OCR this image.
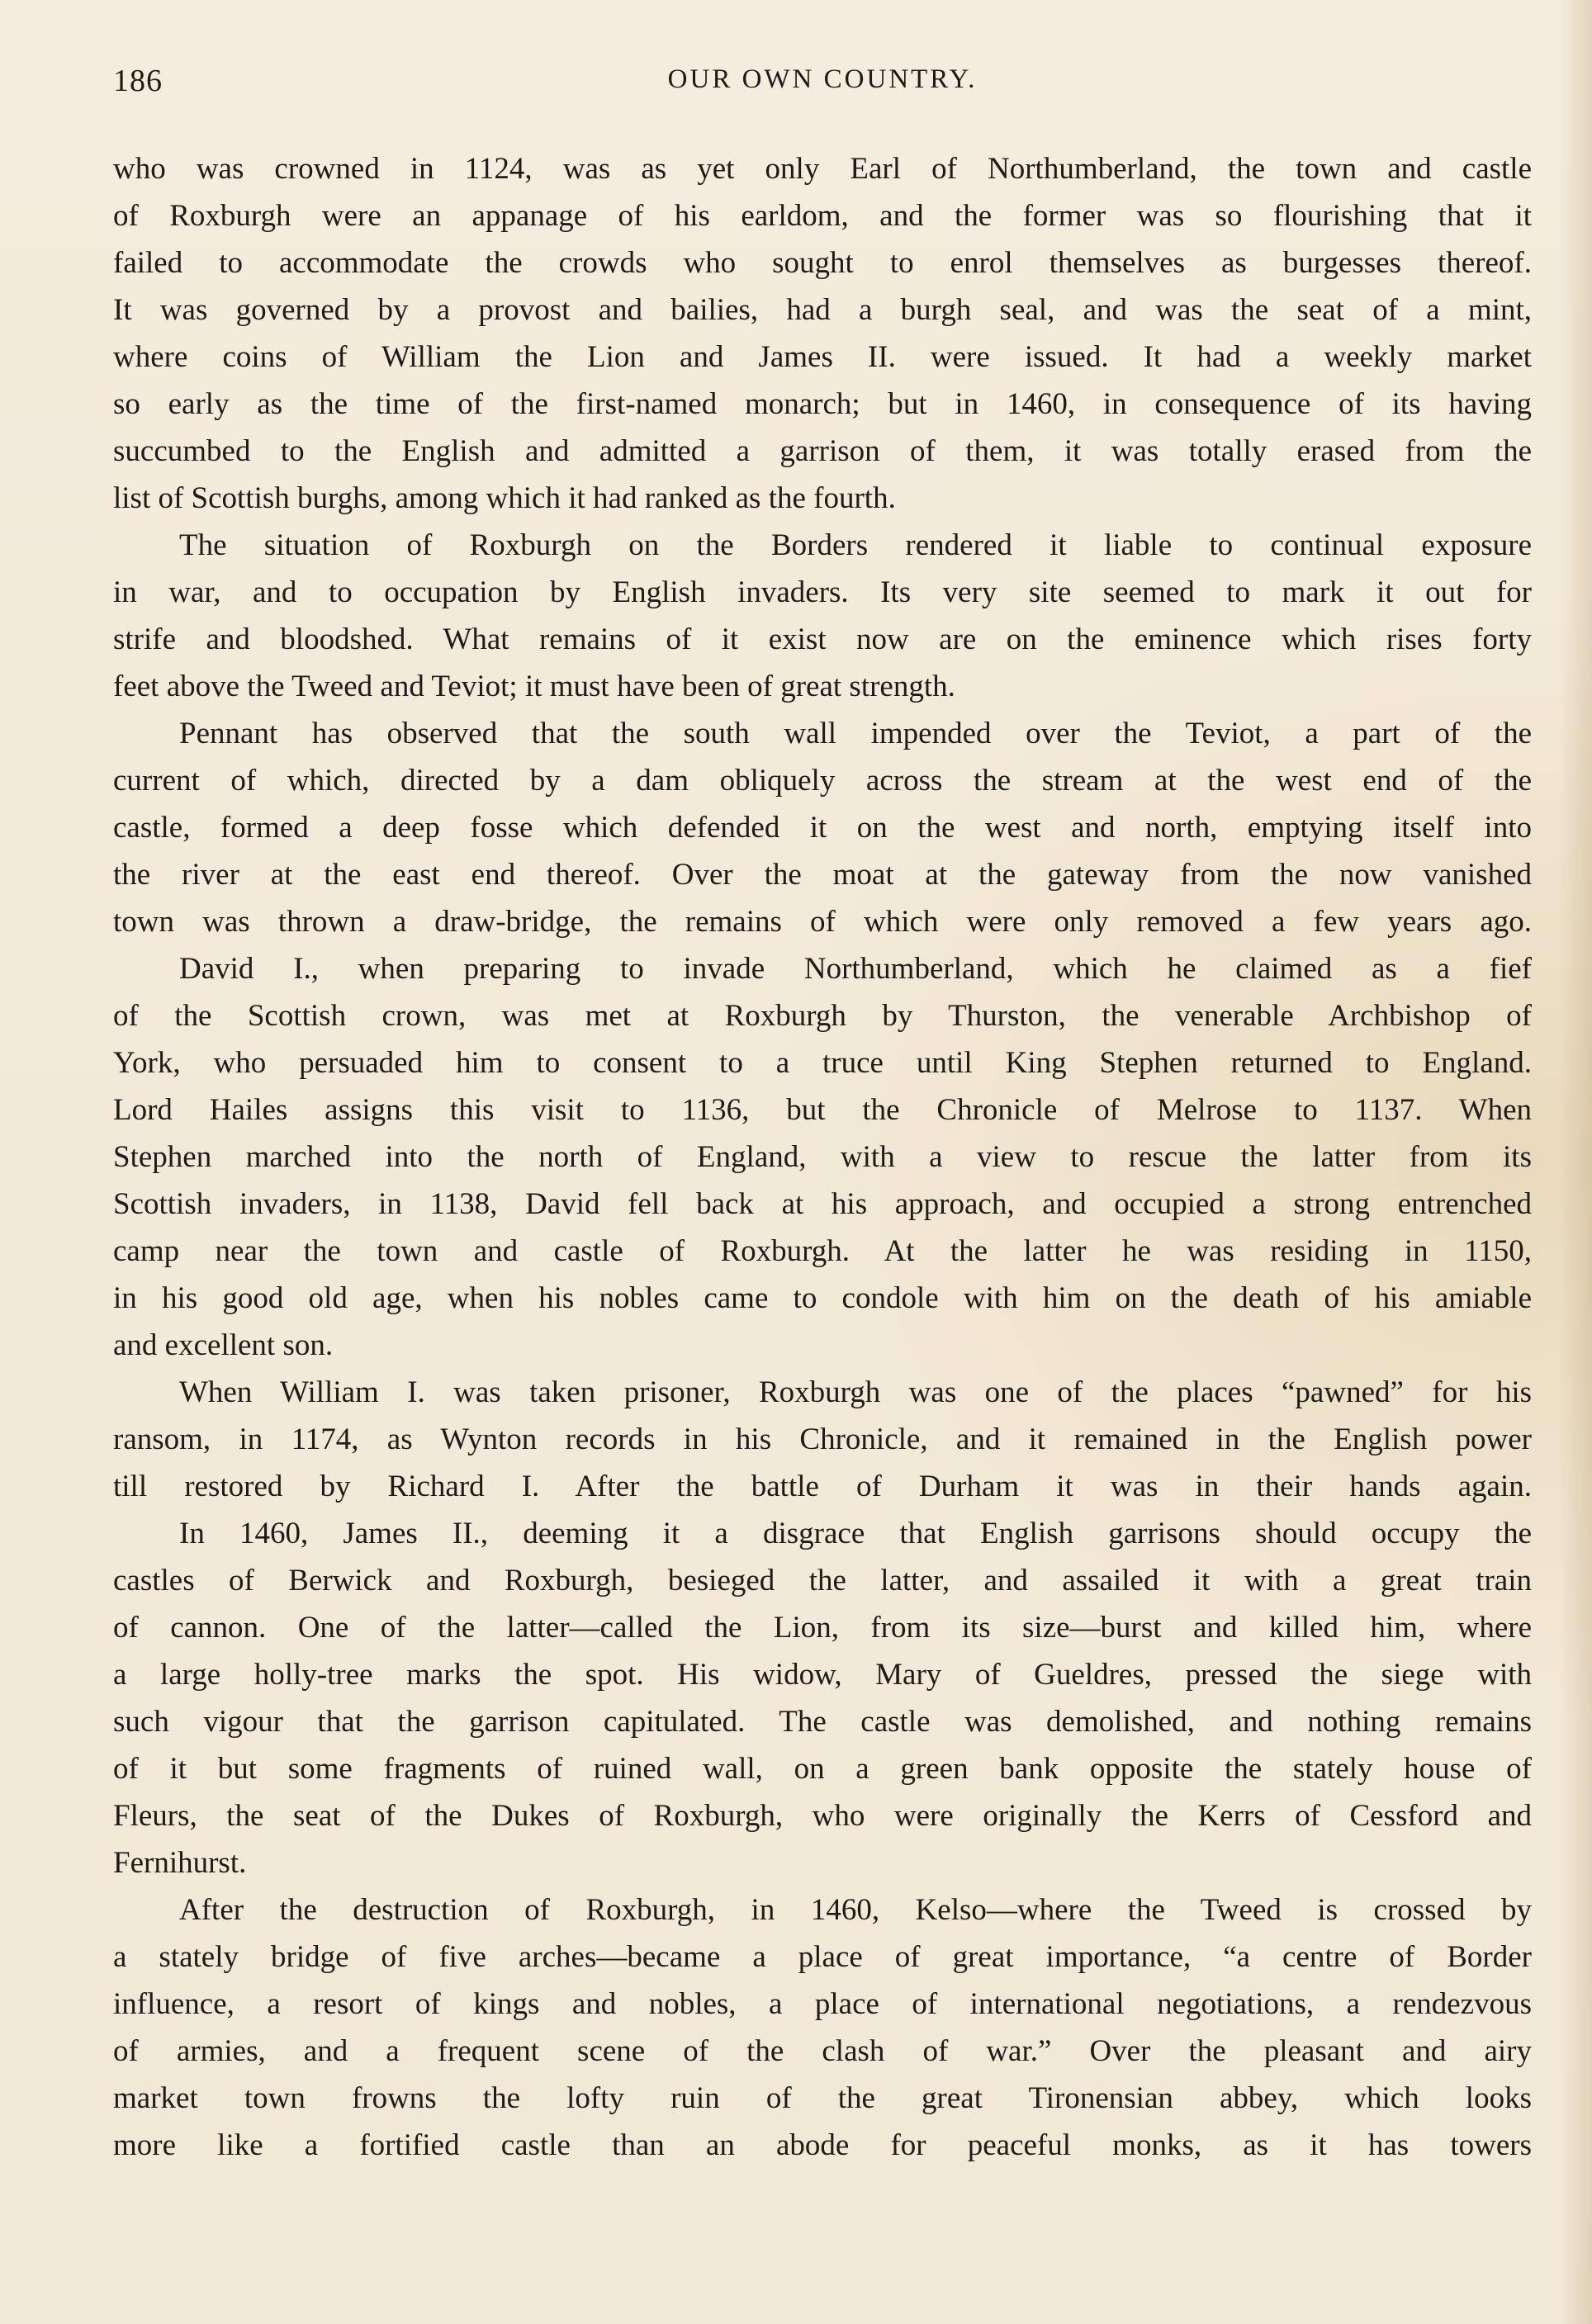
186	OUR OWN COUNTRY.
who was crowned in 1124, was as yet only Earl of Northumberland, the town and castle
of Roxburgh were an appanage of his earldom, and the former was so flourishing that it
failed to accommodate the crowds who sought to enrol themselves as burgesses thereof.
It was governed by a provost and bailies, had a burgh seal, and was the seat of a mint,
where coins of William the Lion and James II. were issued. It had a weekly market
so early as the time of the first-named monarch; but in 1460, in consequence of its having
succumbed to the English and admitted a garrison of them, it was totally erased from the
list of Scottish burghs, among which it had ranked as the fourth.
The situation of Roxburgh on the Borders rendered it liable to continual exposure
in war, and to occupation by English invaders. Its very site seemed to mark it out for
strife and bloodshed. What remains of it exist now are on the eminence which rises forty
feet above the Tweed and Teviot; it must have been of great strength.
Pennant has observed that the south wall impended over the Teviot, a part of the
current of which, directed by a dam obliquely across the stream at the west end of the
castle, formed a deep fosse which defended it on the west and north, emptying itself into
the river at the east end thereof. Over the moat at the gateway from the now vanished
town was thrown a draw-bridge, the remains of which were only removed a few years ago.
David I., when preparing to invade Northumberland, which he claimed as a fief
of the Scottish crown, was met at Roxburgh by Thurston, the venerable Archbishop of
York, who persuaded him to consent to a truce until King Stephen returned to England.
Lord Hailes assigns this visit to 1136, but the Chronicle of Melrose to 1137. When
Stephen marched into the north of England, with a view to rescue the latter from its
Scottish invaders, in 1138, David fell back at his approach, and occupied a strong entrenched
camp near the town and castle of Roxburgh. At the latter he was residing in 1150,
in his good old age, when his nobles came to condole with him on the death of his amiable
and excellent son.
When William I. was taken prisoner, Roxburgh was one of the places “pawned” for his
ransom, in 1174, as Wynton records in his Chronicle, and it remained in the English power
till restored by Richard I. After the battle of Durham it was in their hands again.
In 1460, James II., deeming it a disgrace that English garrisons should occupy the
castles of Berwick and Roxburgh, besieged the latter, and assailed it with a great train
of cannon. One of the latter—called the Lion, from its size—burst and killed him, where
a large holly-tree marks the spot. His widow, Mary of Gueldres, pressed the siege with
such vigour that the garrison capitulated. The castle was demolished, and nothing remains
of it but some fragments of ruined wall, on a green bank opposite the stately house of
Fleurs, the seat of the Dukes of Roxburgh, who were originally the Kerrs of Cessford and
Fernihurst.
After the destruction of Roxburgh, in 1460, Kelso—where the Tweed is crossed by
a stately bridge of five arches—became a place of great importance, “a centre of Border
influence, a resort of kings and nobles, a place of international negotiations, a rendezvous
of armies, and a frequent scene of the clash of war.” Over the pleasant and airy
market town frowns the lofty ruin of the great Tironensian abbey, which looks
more like a fortified castle than an abode for peaceful monks, as it has towers
